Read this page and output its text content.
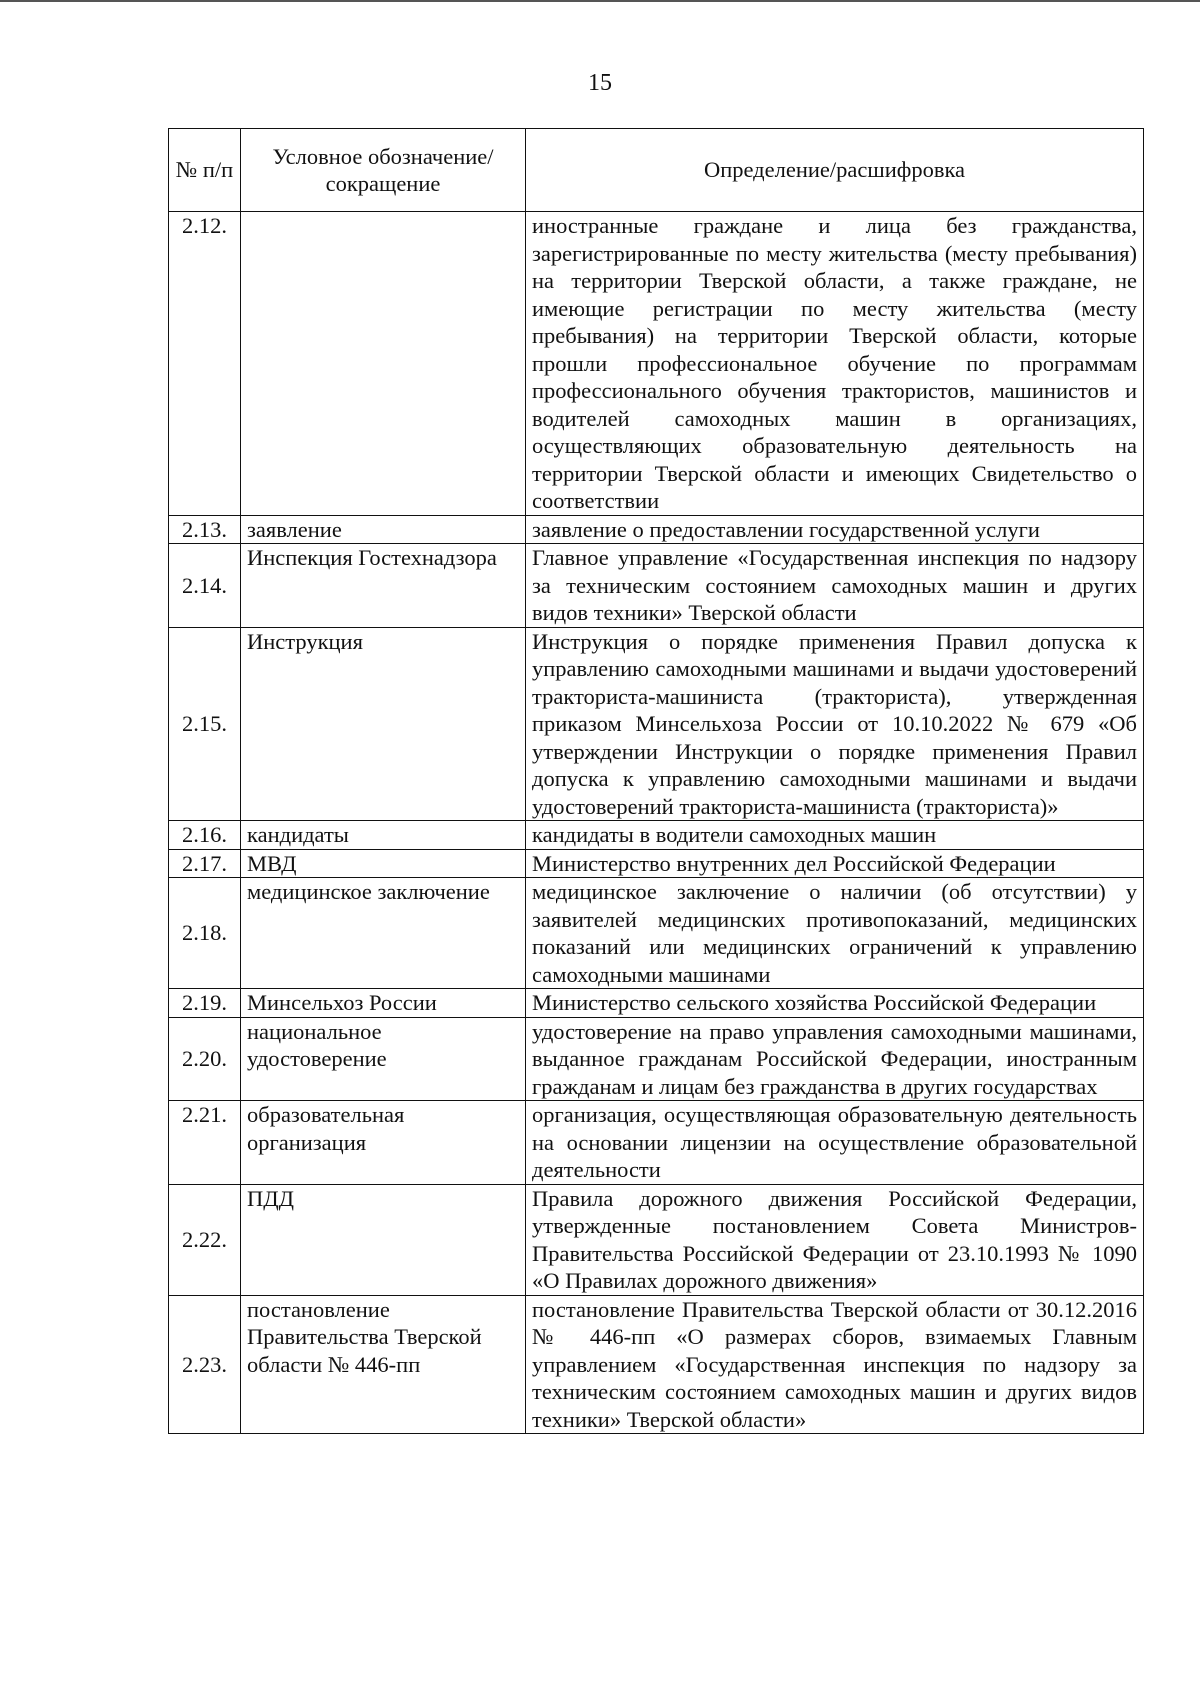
15
№ п/п	Условное обозначение/сокращение	Определение/расшифровка
2.12.		иностранные граждане и лица без гражданства, зарегистрированные по месту жительства (месту пребывания) на территории Тверской области, а также граждане, не имеющие регистрации по месту жительства (месту пребывания) на территории Тверской области, которые прошли профессиональное обучение по программам профессионального обучения трактористов, машинистов и водителей самоходных машин в организациях, осуществляющих образовательную деятельность на территории Тверской области и имеющих Свидетельство о соответствии
2.13.	заявление	заявление о предоставлении государственной услуги
2.14.	Инспекция Гостехнадзора	Главное управление «Государственная инспекция по надзору за техническим состоянием самоходных машин и других видов техники» Тверской области
2.15.	Инструкция	Инструкция о порядке применения Правил допуска к управлению самоходными машинами и выдачи удостоверений тракториста-машиниста (тракториста), утвержденная приказом Минсельхоза России от 10.10.2022 № 679 «Об утверждении Инструкции о порядке применения Правил допуска к управлению самоходными машинами и выдачи удостоверений тракториста-машиниста (тракториста)»
2.16.	кандидаты	кандидаты в водители самоходных машин
2.17.	МВД	Министерство внутренних дел Российской Федерации
2.18.	медицинское заключение	медицинское заключение о наличии (об отсутствии) у заявителей медицинских противопоказаний, медицинских показаний или медицинских ограничений к управлению самоходными машинами
2.19.	Минсельхоз России	Министерство сельского хозяйства Российской Федерации
2.20.	национальное удостоверение	удостоверение на право управления самоходными машинами, выданное гражданам Российской Федерации, иностранным гражданам и лицам без гражданства в других государствах
2.21.	образовательная организация	организация, осуществляющая образовательную деятельность на основании лицензии на осуществление образовательной деятельности
2.22.	ПДД	Правила дорожного движения Российской Федерации, утвержденные постановлением Совета Министров-Правительства Российской Федерации от 23.10.1993 № 1090 «О Правилах дорожного движения»
2.23.	постановление Правительства Тверской области № 446-пп	постановление Правительства Тверской области от 30.12.2016 № 446-пп «О размерах сборов, взимаемых Главным управлением «Государственная инспекция по надзору за техническим состоянием самоходных машин и других видов техники» Тверской области»
